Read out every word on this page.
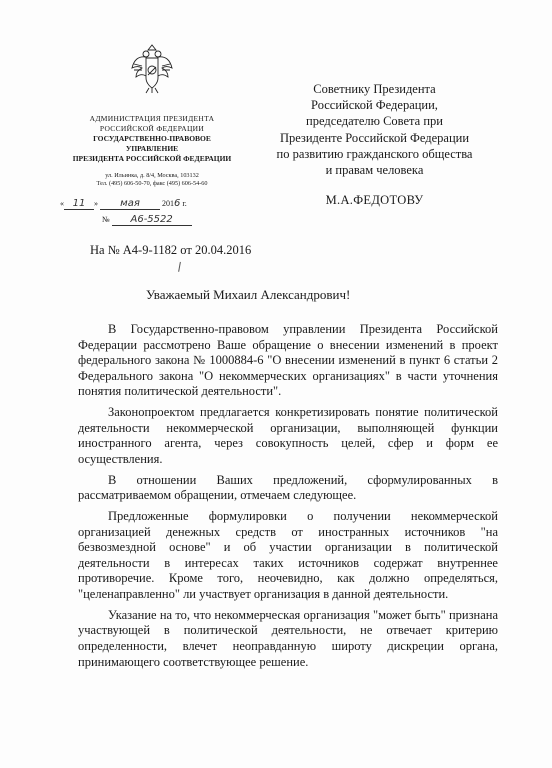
АДМИНИСТРАЦИЯ ПРЕЗИДЕНТА
РОССИЙСКОЙ ФЕДЕРАЦИИ
ГОСУДАРСТВЕННО-ПРАВОВОЕ
УПРАВЛЕНИЕ
ПРЕЗИДЕНТА РОССИЙСКОЙ ФЕДЕРАЦИИ
ул. Ильинка, д. 8/4, Москва, 103132
Тел. (495) 606-50-70, факс (495) 606-54-60
« 11 » мая	2016 г.
№ А6-5522
На № А4-9-1182 от 20.04.2016
Советнику Президента
Российской Федерации,
председателю Совета при
Президенте Российской Федерации
по развитию гражданского общества
и правам человека
М.А.ФЕДОТОВУ
Уважаемый Михаил Александрович!

В Государственно-правовом управлении Президента Российской Федерации рассмотрено Ваше обращение о внесении изменений в проект федерального закона № 1000884-6 "О внесении изменений в пункт 6 статьи 2 Федерального закона "О некоммерческих организациях" в части уточнения понятия политической деятельности".

Законопроектом предлагается конкретизировать понятие политической деятельности некоммерческой организации, выполняющей функции иностранного агента, через совокупность целей, сфер и форм ее осуществления.

В отношении Ваших предложений, сформулированных в рассматриваемом обращении, отмечаем следующее.

Предложенные формулировки о получении некоммерческой организацией денежных средств от иностранных источников "на безвозмездной основе" и об участии организации в политической деятельности в интересах таких источников содержат внутреннее противоречие. Кроме того, неочевидно, как должно определяться, "целенаправленно" ли участвует организация в данной деятельности.

Указание на то, что некоммерческая организация "может быть" признана участвующей в политической деятельности, не отвечает критерию определенности, влечет неоправданную широту дискреции органа, принимающего соответствующее решение.
